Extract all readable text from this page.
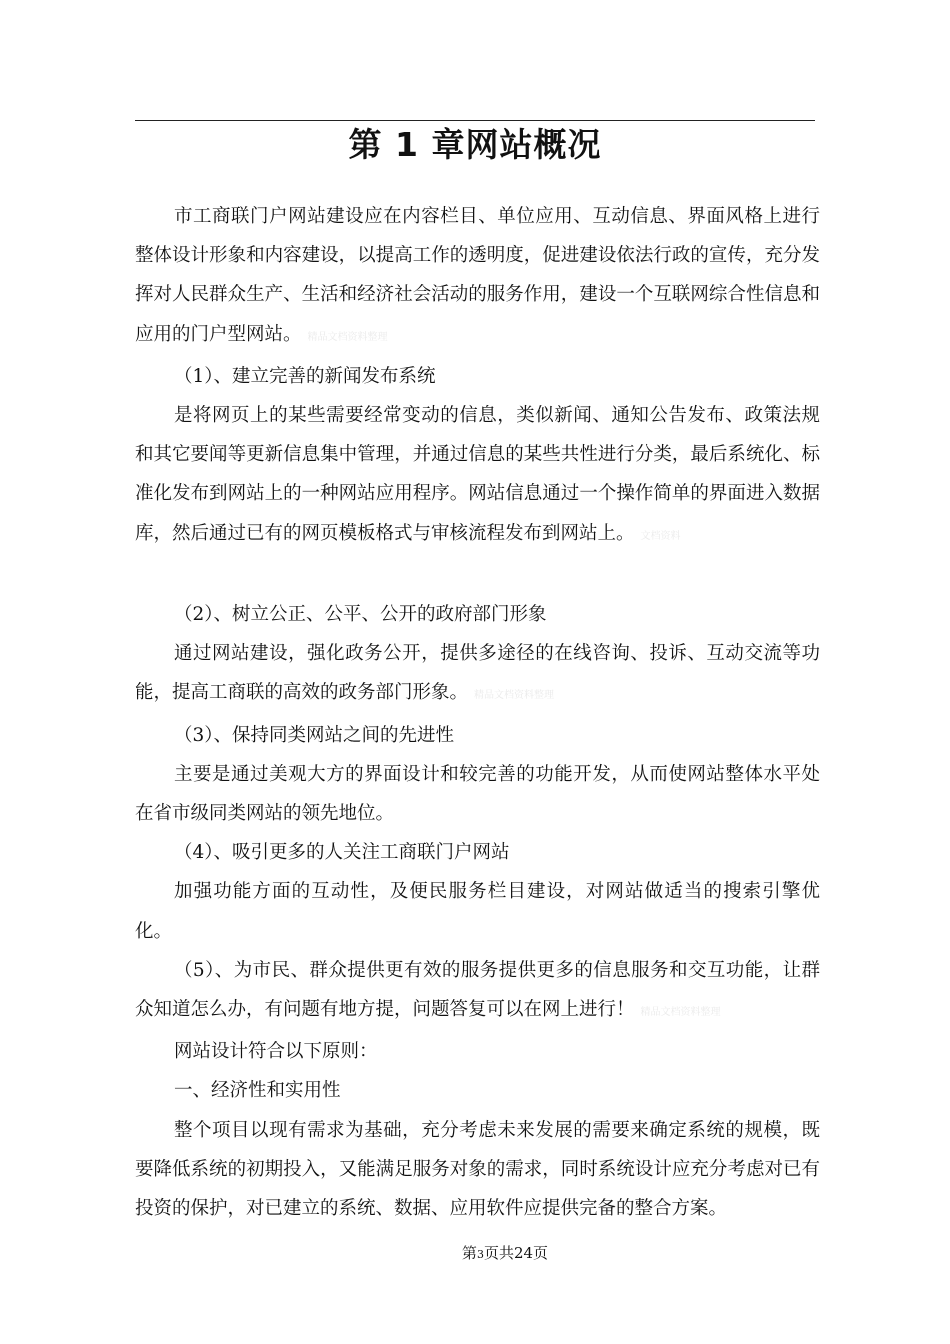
第 1 章网站概况

市工商联门户网站建设应在内容栏目、单位应用、互动信息、界面风格上进行整体设计形象和内容建设，以提高工作的透明度，促进建设依法行政的宣传，充分发挥对人民群众生产、生活和经济社会活动的服务作用，建设一个互联网综合性信息和应用的门户型网站。 精品文档资料整理

（1）、建立完善的新闻发布系统

是将网页上的某些需要经常变动的信息，类似新闻、通知公告发布、政策法规和其它要闻等更新信息集中管理，并通过信息的某些共性进行分类，最后系统化、标准化发布到网站上的一种网站应用程序。网站信息通过一个操作简单的界面进入数据库，然后通过已有的网页模板格式与审核流程发布到网站上。 文档资料

（2）、树立公正、公平、公开的政府部门形象

通过网站建设，强化政务公开，提供多途径的在线咨询、投诉、互动交流等功能，提高工商联的高效的政务部门形象。 精品文档资料整理

（3）、保持同类网站之间的先进性

主要是通过美观大方的界面设计和较完善的功能开发，从而使网站整体水平处在省市级同类网站的领先地位。

（4）、吸引更多的人关注工商联门户网站

加强功能方面的互动性，及便民服务栏目建设，对网站做适当的搜索引擎优化。

（5）、为市民、群众提供更有效的服务提供更多的信息服务和交互功能，让群众知道怎么办，有问题有地方提，问题答复可以在网上进行！ 精品文档资料整理

网站设计符合以下原则：

一、经济性和实用性

整个项目以现有需求为基础，充分考虑未来发展的需要来确定系统的规模，既要降低系统的初期投入，又能满足服务对象的需求，同时系统设计应充分考虑对已有投资的保护，对已建立的系统、数据、应用软件应提供完备的整合方案。

第3页共24页
